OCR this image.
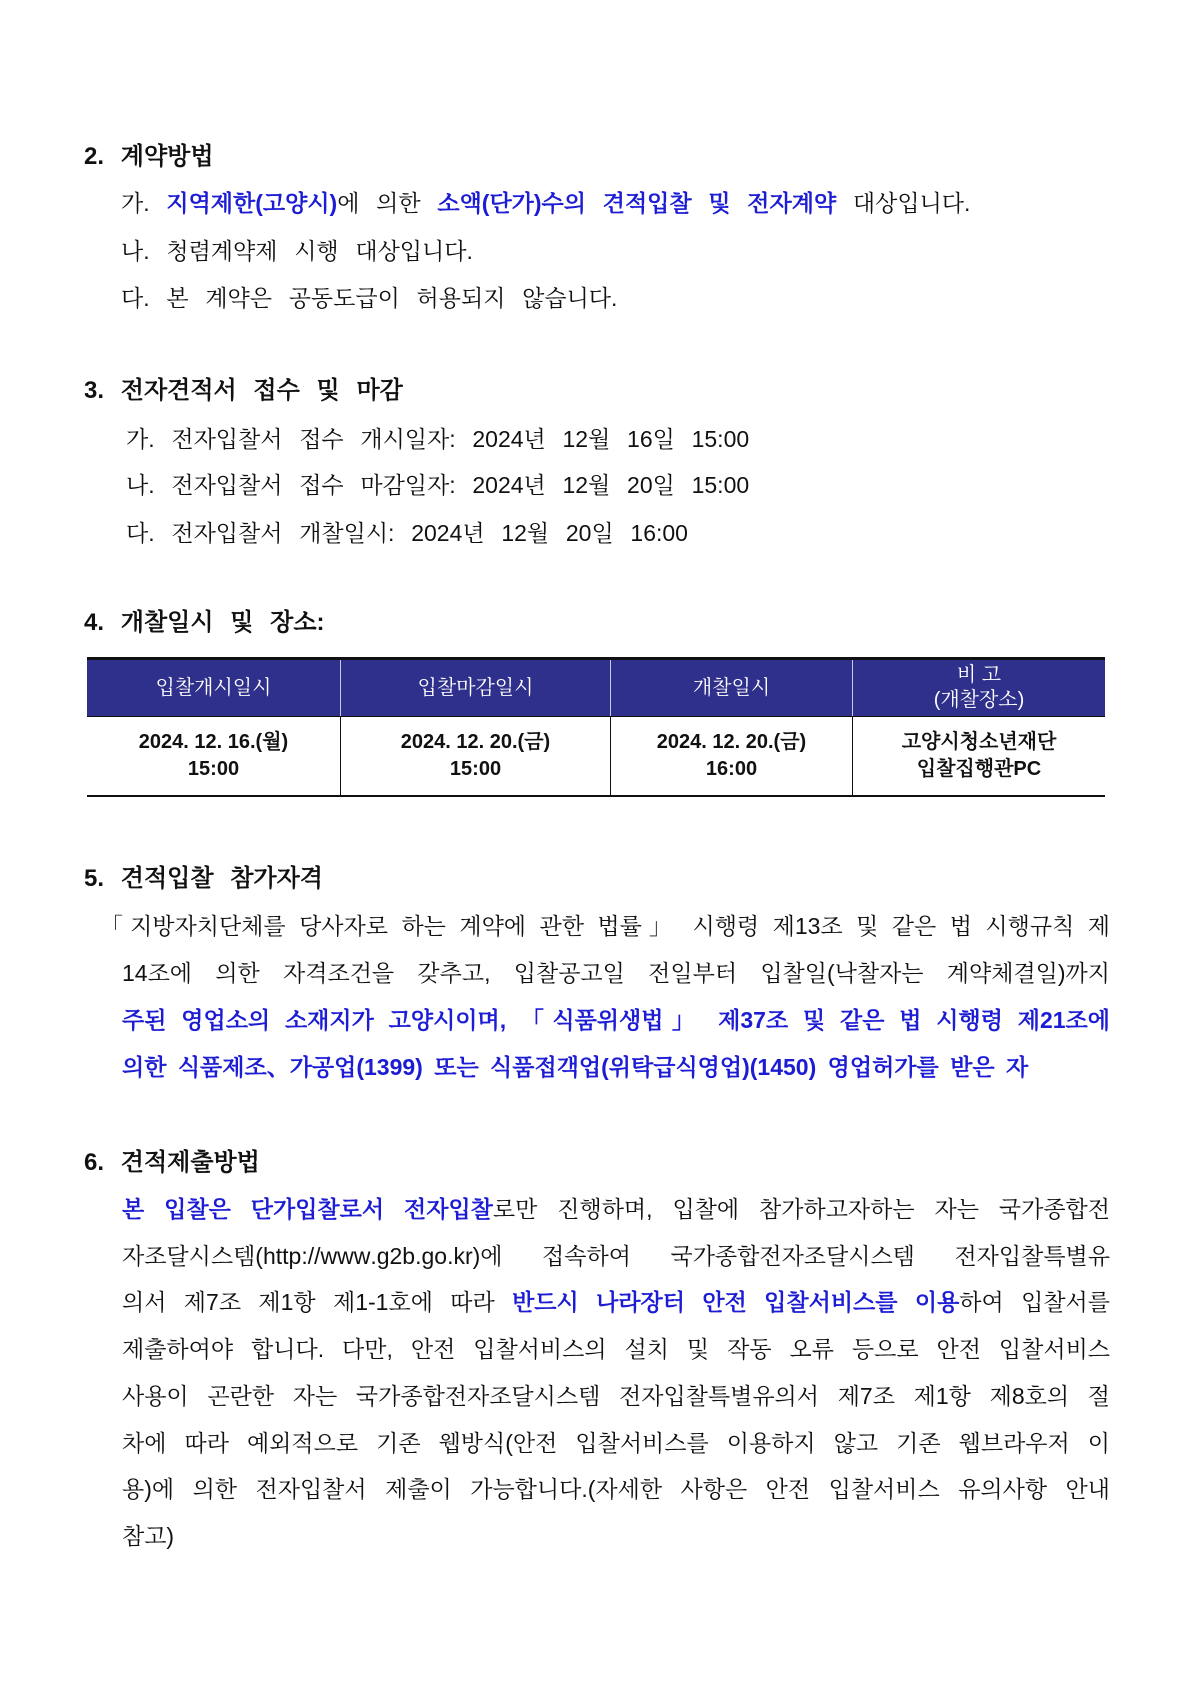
2. 계약방법
가. 지역제한(고양시)에 의한 소액(단가)수의 견적입찰 및 전자계약 대상입니다.
나. 청렴계약제 시행 대상입니다.
다. 본 계약은 공동도급이 허용되지 않습니다.
3. 전자견적서 접수 및 마감
가. 전자입찰서 접수 개시일자: 2024년 12월 16일 15:00
나. 전자입찰서 접수 마감일자: 2024년 12월 20일 15:00
다. 전자입찰서 개찰일시: 2024년 12월 20일 16:00
4. 개찰일시 및 장소:
입찰개시일시	입찰마감일시	개찰일시
비 고
(개찰장소)
2024. 12. 16.(월)
15:00
2024. 12. 20.(금)
15:00
2024. 12. 20.(금)
16:00
고양시청소년재단
입찰집행관PC
5. 견적입찰 참가자격
「지방자치단체를 당사자로 하는 계약에 관한 법률」 시행령 제13조 및 같은 법 시행규칙 제
14조에 의한 자격조건을 갖추고, 입찰공고일 전일부터 입찰일(낙찰자는 계약체결일)까지
주된 영업소의 소재지가 고양시이며, 「식품위생법」 제37조 및 같은 법 시행령 제21조에
의한 식품제조、가공업(1399) 또는 식품접객업(위탁급식영업)(1450) 영업허가를 받은 자
6. 견적제출방법
본 입찰은 단가입찰로서 전자입찰로만 진행하며, 입찰에 참가하고자하는 자는 국가종합전
자조달시스템(http://www.g2b.go.kr)에 접속하여 국가종합전자조달시스템 전자입찰특별유
의서 제7조 제1항 제1-1호에 따라 반드시 나라장터 안전 입찰서비스를 이용하여 입찰서를
제출하여야 합니다. 다만, 안전 입찰서비스의 설치 및 작동 오류 등으로 안전 입찰서비스
사용이 곤란한 자는 국가종합전자조달시스템 전자입찰특별유의서 제7조 제1항 제8호의 절
차에 따라 예외적으로 기존 웹방식(안전 입찰서비스를 이용하지 않고 기존 웹브라우저 이
용)에 의한 전자입찰서 제출이 가능합니다.(자세한 사항은 안전 입찰서비스 유의사항 안내
참고)
